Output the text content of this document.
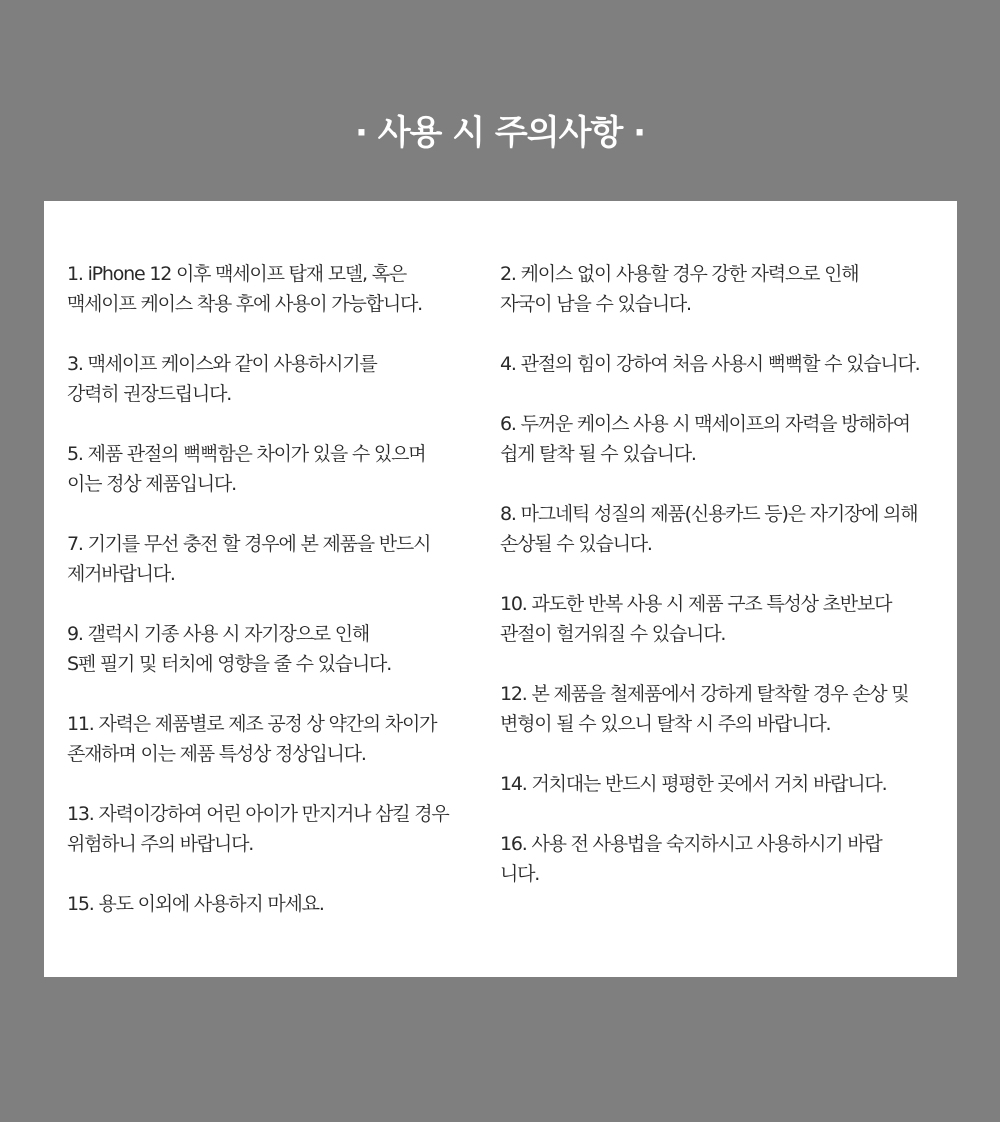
· 사용 시 주의사항 ·
1. iPhone 12 이후 맥세이프 탑재 모델, 혹은
맥세이프 케이스 착용 후에 사용이 가능합니다.
3. 맥세이프 케이스와 같이 사용하시기를
강력히 권장드립니다.
5. 제품 관절의 뻑뻑함은 차이가 있을 수 있으며
이는 정상 제품입니다.
7. 기기를 무선 충전 할 경우에 본 제품을 반드시
제거바랍니다.
9. 갤럭시 기종 사용 시 자기장으로 인해
S펜 필기 및 터치에 영향을 줄 수 있습니다.
11. 자력은 제품별로 제조 공정 상 약간의 차이가
존재하며 이는 제품 특성상 정상입니다.
13. 자력이강하여 어린 아이가 만지거나 삼킬 경우
위험하니 주의 바랍니다.
15. 용도 이외에 사용하지 마세요.
2. 케이스 없이 사용할 경우 강한 자력으로 인해
자국이 남을 수 있습니다.
4. 관절의 힘이 강하여 처음 사용시 뻑뻑할 수 있습니다.
6. 두꺼운 케이스 사용 시 맥세이프의 자력을 방해하여
쉽게 탈착 될 수 있습니다.
8. 마그네틱 성질의 제품(신용카드 등)은 자기장에 의해
손상될 수 있습니다.
10. 과도한 반복 사용 시 제품 구조 특성상 초반보다
관절이 헐거워질 수 있습니다.
12. 본 제품을 철제품에서 강하게 탈착할 경우 손상 및
변형이 될 수 있으니 탈착 시 주의 바랍니다.
14. 거치대는 반드시 평평한 곳에서 거치 바랍니다.
16. 사용 전 사용법을 숙지하시고 사용하시기 바랍
니다.
